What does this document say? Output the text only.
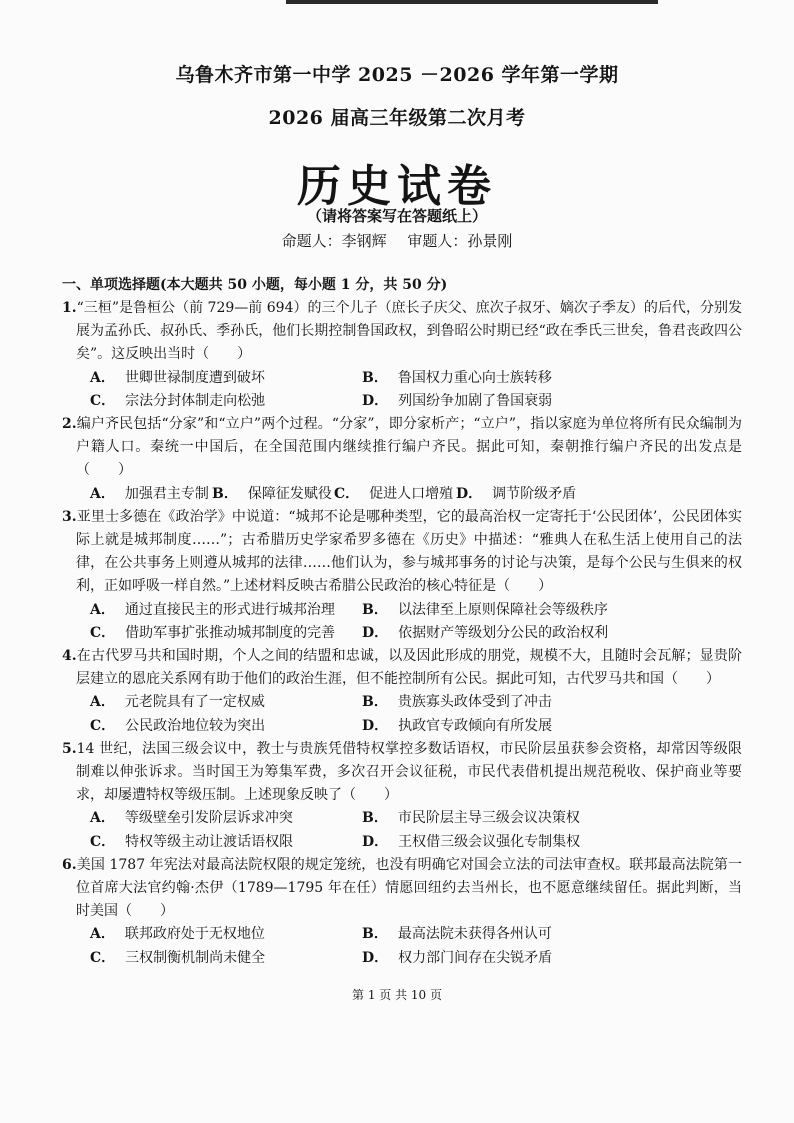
乌鲁木齐市第一中学 2025 －2026 学年第一学期
2026 届高三年级第二次月考
历史试卷
（请将答案写在答题纸上）
命题人：李钢辉 审题人：孙景刚
一、单项选择题(本大题共 50 小题，每小题 1 分，共 50 分)
1.“三桓”是鲁桓公（前 729—前 694）的三个儿子（庶长子庆父、庶次子叔牙、嫡次子季友）的后代，分别发展为孟孙氏、叔孙氏、季孙氏，他们长期控制鲁国政权，到鲁昭公时期已经“政在季氏三世矣，鲁君丧政四公矣”。这反映出当时（　　）
A． 世卿世禄制度遭到破坏	B． 鲁国权力重心向士族转移
C． 宗法分封体制走向松弛	D． 列国纷争加剧了鲁国衰弱
2.编户齐民包括“分家”和“立户”两个过程。“分家”，即分家析产；“立户”，指以家庭为单位将所有民众编制为户籍人口。秦统一中国后，在全国范围内继续推行编户齐民。据此可知，秦朝推行编户齐民的出发点是（　　）
A． 加强君主专制 B． 保障征发赋役 C． 促进人口增殖 D． 调节阶级矛盾
3.亚里士多德在《政治学》中说道：“城邦不论是哪种类型，它的最高治权一定寄托于‘公民团体’，公民团体实际上就是城邦制度……”；古希腊历史学家希罗多德在《历史》中描述：“雅典人在私生活上使用自己的法律，在公共事务上则遵从城邦的法律……他们认为，参与城邦事务的讨论与决策，是每个公民与生俱来的权利，正如呼吸一样自然。”上述材料反映古希腊公民政治的核心特征是（　　）
A． 通过直接民主的形式进行城邦治理	B． 以法律至上原则保障社会等级秩序
C． 借助军事扩张推动城邦制度的完善	D． 依据财产等级划分公民的政治权利
4.在古代罗马共和国时期，个人之间的结盟和忠诚，以及因此形成的朋党，规模不大，且随时会瓦解；显贵阶层建立的恩庇关系网有助于他们的政治生涯，但不能控制所有公民。据此可知，古代罗马共和国（　　）
A． 元老院具有了一定权威	B． 贵族寡头政体受到了冲击
C． 公民政治地位较为突出	D． 执政官专政倾向有所发展
5.14 世纪，法国三级会议中，教士与贵族凭借特权掌控多数话语权，市民阶层虽获参会资格，却常因等级限制难以伸张诉求。当时国王为筹集军费，多次召开会议征税，市民代表借机提出规范税收、保护商业等要求，却屡遭特权等级压制。上述现象反映了（　　）
A． 等级壁垒引发阶层诉求冲突	B． 市民阶层主导三级会议决策权
C． 特权等级主动让渡话语权限	D． 王权借三级会议强化专制集权
6.美国 1787 年宪法对最高法院权限的规定笼统，也没有明确它对国会立法的司法审查权。联邦最高法院第一位首席大法官约翰·杰伊（1789—1795 年在任）情愿回纽约去当州长，也不愿意继续留任。据此判断，当时美国（　　）
A． 联邦政府处于无权地位	B． 最高法院未获得各州认可
C． 三权制衡机制尚未健全	D． 权力部门间存在尖锐矛盾
第 1 页 共 10 页
